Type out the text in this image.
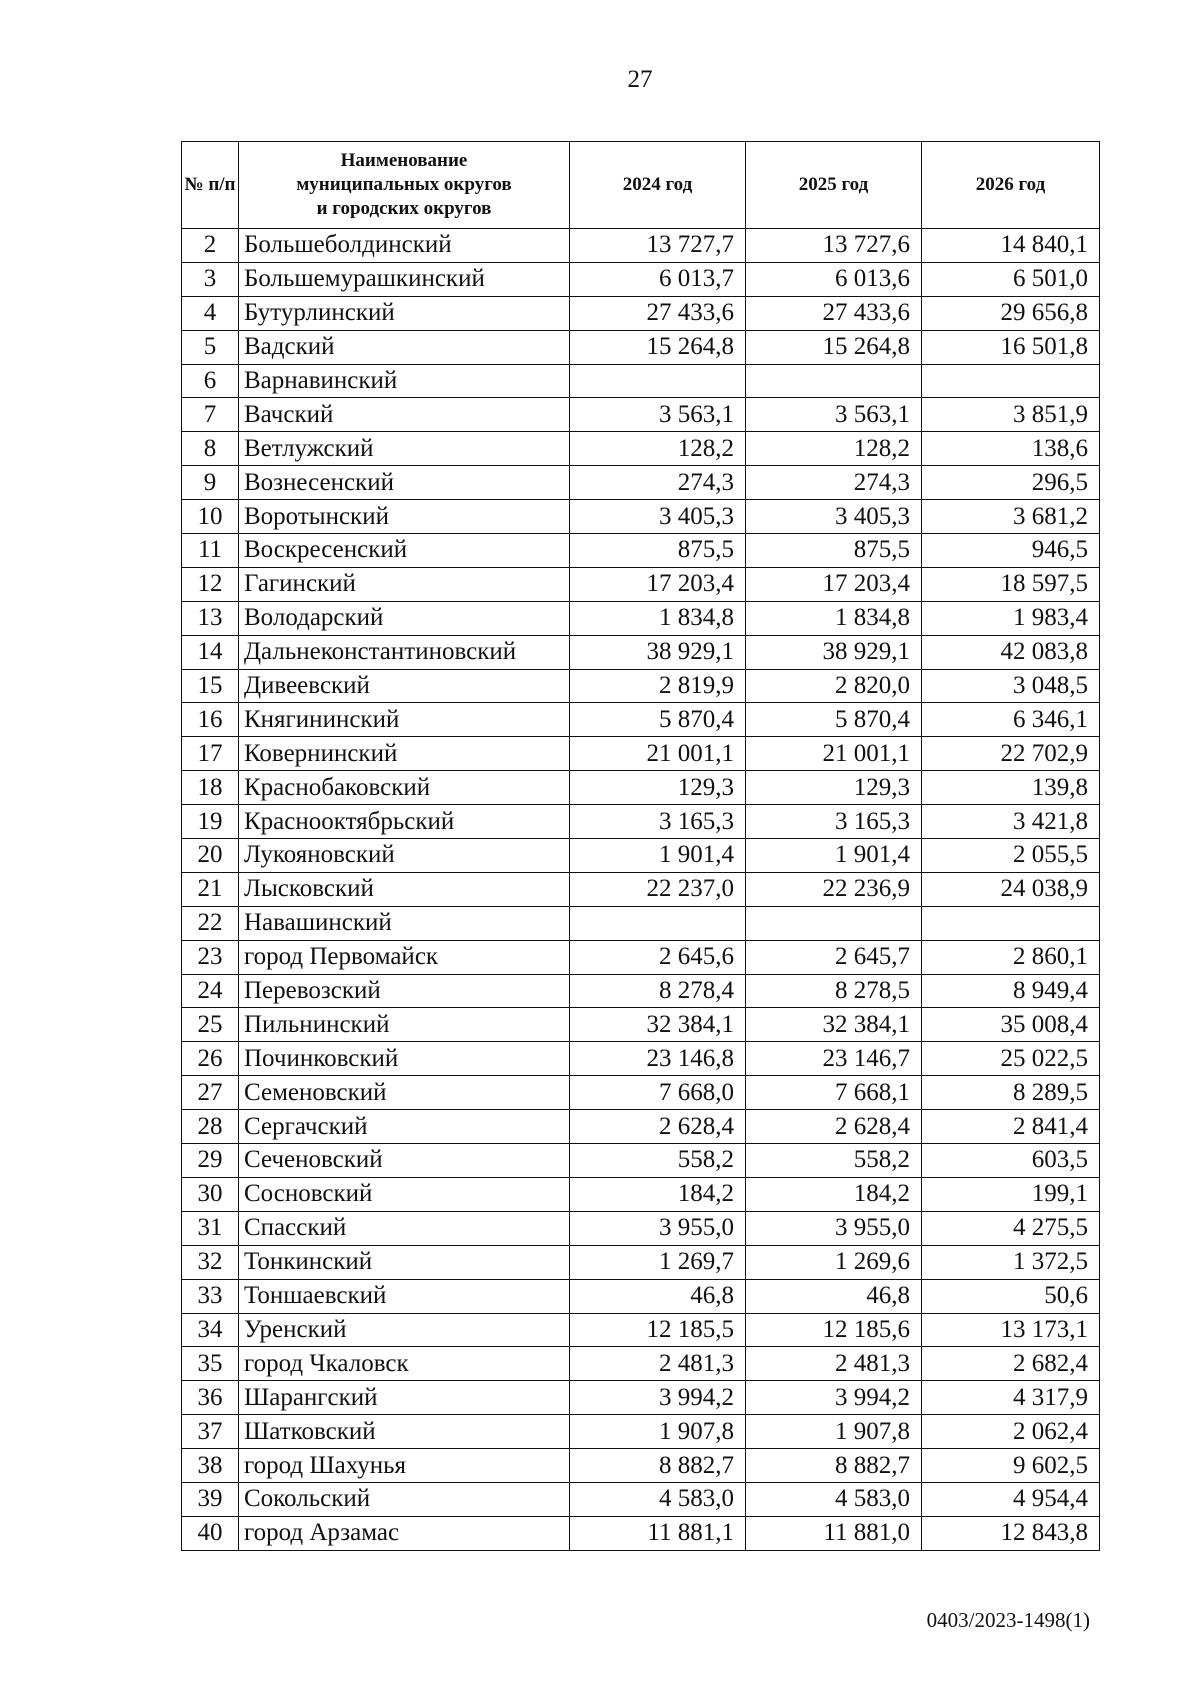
27
№ п/п	Наименование
муниципальных округов
и городских округов	2024 год	2025 год	2026 год
2	Большеболдинский	13 727,7	13 727,6	14 840,1
3	Большемурашкинский	6 013,7	6 013,6	6 501,0
4	Бутурлинский	27 433,6	27 433,6	29 656,8
5	Вадский	15 264,8	15 264,8	16 501,8
6	Варнавинский			
7	Вачский	3 563,1	3 563,1	3 851,9
8	Ветлужский	128,2	128,2	138,6
9	Вознесенский	274,3	274,3	296,5
10	Воротынский	3 405,3	3 405,3	3 681,2
11	Воскресенский	875,5	875,5	946,5
12	Гагинский	17 203,4	17 203,4	18 597,5
13	Володарский	1 834,8	1 834,8	1 983,4
14	Дальнеконстантиновский	38 929,1	38 929,1	42 083,8
15	Дивеевский	2 819,9	2 820,0	3 048,5
16	Княгининский	5 870,4	5 870,4	6 346,1
17	Ковернинский	21 001,1	21 001,1	22 702,9
18	Краснобаковский	129,3	129,3	139,8
19	Краснооктябрьский	3 165,3	3 165,3	3 421,8
20	Лукояновский	1 901,4	1 901,4	2 055,5
21	Лысковский	22 237,0	22 236,9	24 038,9
22	Навашинский			
23	город Первомайск	2 645,6	2 645,7	2 860,1
24	Перевозский	8 278,4	8 278,5	8 949,4
25	Пильнинский	32 384,1	32 384,1	35 008,4
26	Починковский	23 146,8	23 146,7	25 022,5
27	Семеновский	7 668,0	7 668,1	8 289,5
28	Сергачский	2 628,4	2 628,4	2 841,4
29	Сеченовский	558,2	558,2	603,5
30	Сосновский	184,2	184,2	199,1
31	Спасский	3 955,0	3 955,0	4 275,5
32	Тонкинский	1 269,7	1 269,6	1 372,5
33	Тоншаевский	46,8	46,8	50,6
34	Уренский	12 185,5	12 185,6	13 173,1
35	город Чкаловск	2 481,3	2 481,3	2 682,4
36	Шарангский	3 994,2	3 994,2	4 317,9
37	Шатковский	1 907,8	1 907,8	2 062,4
38	город Шахунья	8 882,7	8 882,7	9 602,5
39	Сокольский	4 583,0	4 583,0	4 954,4
40	город Арзамас	11 881,1	11 881,0	12 843,8
0403/2023-1498(1)
